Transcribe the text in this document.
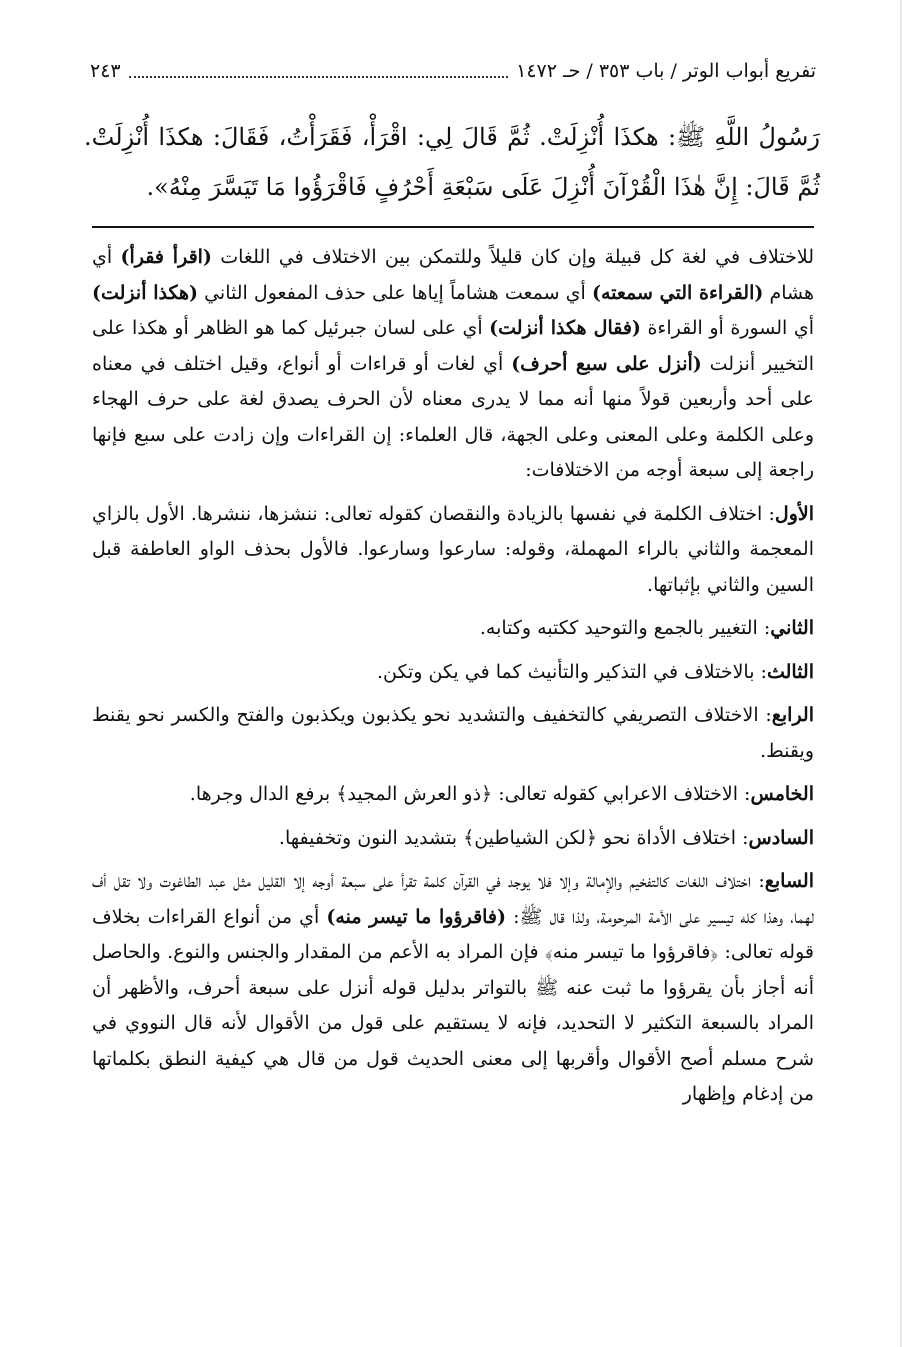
تفريع أبواب الوتر / باب ٣٥٣ / حـ ١٤٧٢
٢٤٣
رَسُولُ اللَّهِ ﷺ: هكذَا أُنْزِلَتْ. ثُمَّ قَالَ لِي: اقْرَأْ، فَقَرَأْتُ، فَقَالَ: هكذَا أُنْزِلَتْ. ثُمَّ قَالَ: إِنَّ هٰذَا الْقُرْآنَ أُنْزِلَ عَلَى سَبْعَةِ أَحْرُفٍ فَاقْرَؤُوا مَا تَيَسَّرَ مِنْهُ».

للاختلاف في لغة كل قبيلة وإن كان قليلاً وللتمكن بين الاختلاف في اللغات (اقرأ فقرأ) أي هشام (القراءة التي سمعته) أي سمعت هشاماً إياها على حذف المفعول الثاني (هكذا أنزلت) أي السورة أو القراءة (فقال هكذا أنزلت) أي على لسان جبرئيل كما هو الظاهر أو هكذا على التخيير أنزلت (أنزل على سبع أحرف) أي لغات أو قراءات أو أنواع، وقيل اختلف في معناه على أحد وأربعين قولاً منها أنه مما لا يدرى معناه لأن الحرف يصدق لغة على حرف الهجاء وعلى الكلمة وعلى المعنى وعلى الجهة، قال العلماء: إن القراءات وإن زادت على سبع فإنها راجعة إلى سبعة أوجه من الاختلافات:

الأول: اختلاف الكلمة في نفسها بالزيادة والنقصان كقوله تعالى: ننشزها، ننشرها. الأول بالزاي المعجمة والثاني بالراء المهملة، وقوله: سارعوا وسارعوا. فالأول بحذف الواو العاطفة قبل السين والثاني بإثباتها.

الثاني: التغيير بالجمع والتوحيد ككتبه وكتابه.

الثالث: بالاختلاف في التذكير والتأنيث كما في يكن وتكن.

الرابع: الاختلاف التصريفي كالتخفيف والتشديد نحو يكذبون ويكذبون والفتح والكسر نحو يقنط ويقنط.

الخامس: الاختلاف الاعرابي كقوله تعالى: ﴿ذو العرش المجيد﴾ برفع الدال وجرها.

السادس: اختلاف الأداة نحو ﴿لكن الشياطين﴾ بتشديد النون وتخفيفها.

السابع: اختلاف اللغات كالتفخيم والإمالة وإلا فلا يوجد في القرآن كلمة تقرأ على سبعة أوجه إلا القليل مثل عبد الطاغوت ولا تقل أف لهما، وهذا كله تيسير على الأمة المرحومة، ولذا قال ﷺ: (فاقرؤوا ما تيسر منه) أي من أنواع القراءات بخلاف قوله تعالى: ﴿فاقرؤوا ما تيسر منه﴾ فإن المراد به الأعم من المقدار والجنس والنوع. والحاصل أنه أجاز بأن يقرؤوا ما ثبت عنه ﷺ بالتواتر بدليل قوله أنزل على سبعة أحرف، والأظهر أن المراد بالسبعة التكثير لا التحديد، فإنه لا يستقيم على قول من الأقوال لأنه قال النووي في شرح مسلم أصح الأقوال وأقربها إلى معنى الحديث قول من قال هي كيفية النطق بكلماتها من إدغام وإظهار
